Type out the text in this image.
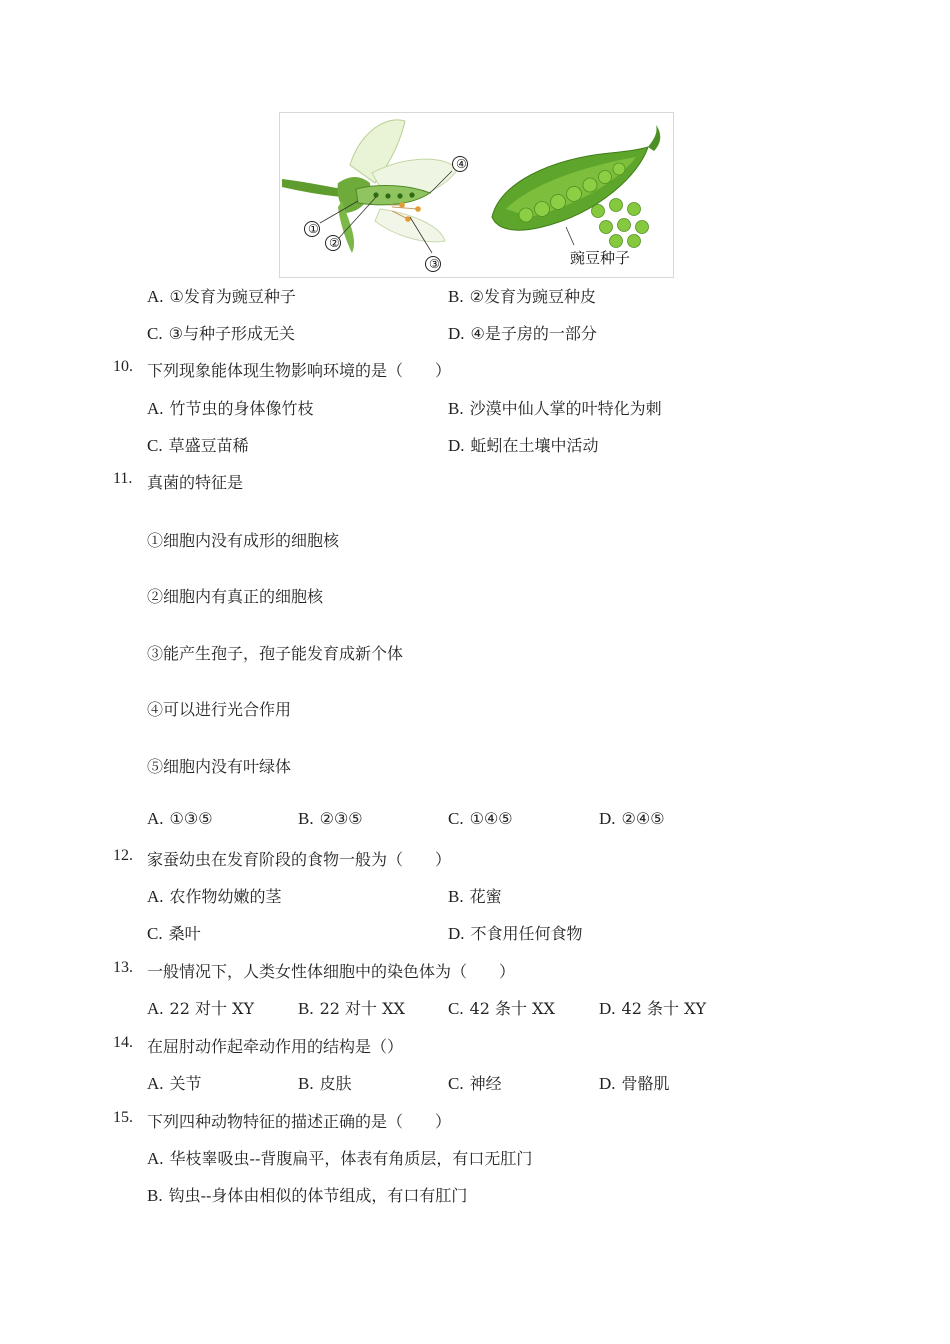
①
②
③
④
豌豆种子
A. ①发育为豌豆种子	B. ②发育为豌豆种皮
C. ③与种子形成无关	D. ④是子房的一部分
10. 下列现象能体现生物影响环境的是（　　）
A. 竹节虫的身体像竹枝	B. 沙漠中仙人掌的叶特化为刺
C. 草盛豆苗稀	D. 蚯蚓在土壤中活动
11. 真菌的特征是
①细胞内没有成形的细胞核
②细胞内有真正的细胞核
③能产生孢子，孢子能发育成新个体
④可以进行光合作用
⑤细胞内没有叶绿体
A. ①③⑤	B. ②③⑤	C. ①④⑤	D. ②④⑤
12. 家蚕幼虫在发育阶段的食物一般为（　　）
A. 农作物幼嫩的茎	B. 花蜜
C. 桑叶	D. 不食用任何食物
13. 一般情况下，人类女性体细胞中的染色体为（　　）
A. 22 对十 XY	B. 22 对十 XX	C. 42 条十 XX	D. 42 条十 XY
14. 在屈肘动作起牵动作用的结构是（）
A. 关节	B. 皮肤	C. 神经	D. 骨骼肌
15. 下列四种动物特征的描述正确的是（　　）
A. 华枝睾吸虫--背腹扁平，体表有角质层，有口无肛门
B. 钩虫--身体由相似的体节组成，有口有肛门
